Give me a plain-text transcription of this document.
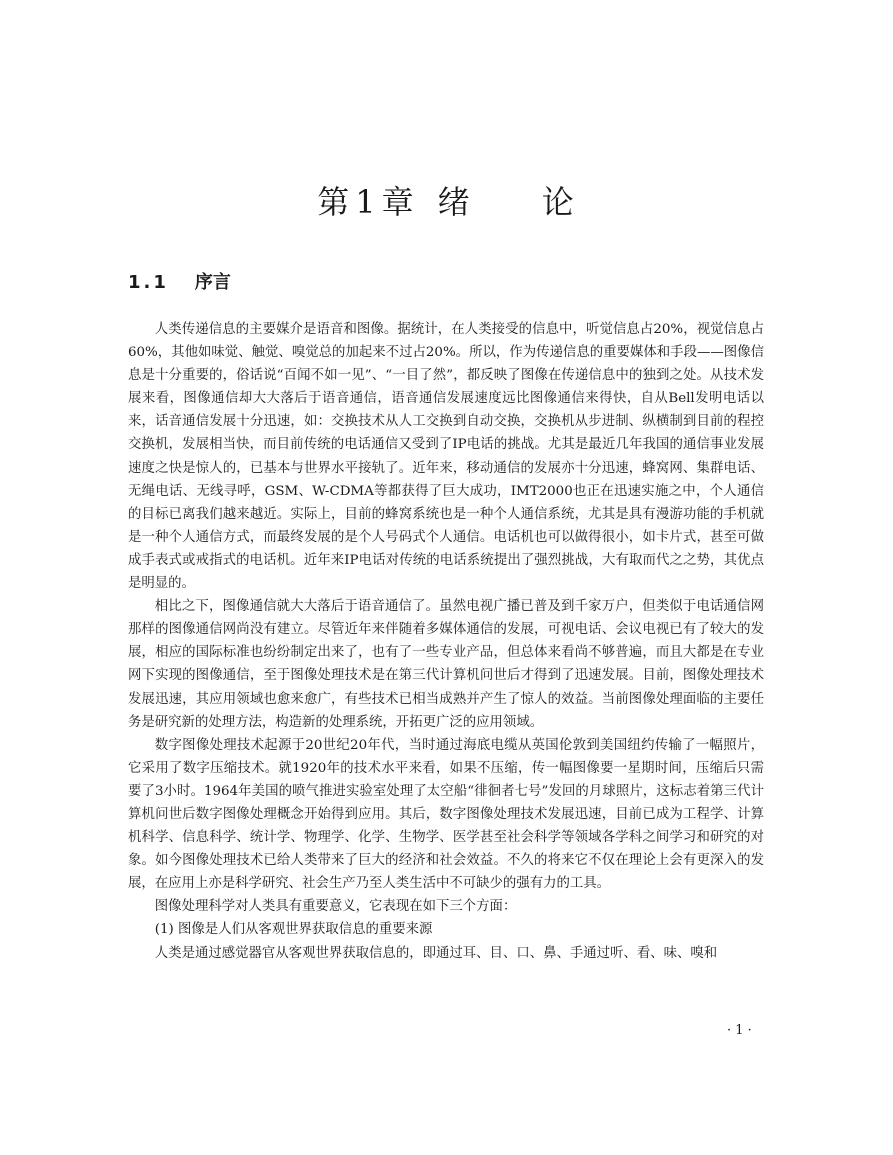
第 1 章 绪 论
1.1 序言

人类传递信息的主要媒介是语音和图像。据统计，在人类接受的信息中，听觉信息占20%，视觉信息占60%，其他如味觉、触觉、嗅觉总的加起来不过占20%。所以，作为传递信息的重要媒体和手段——图像信息是十分重要的，俗话说“百闻不如一见”、“一目了然”，都反映了图像在传递信息中的独到之处。从技术发展来看，图像通信却大大落后于语音通信，语音通信发展速度远比图像通信来得快，自从Bell发明电话以来，话音通信发展十分迅速，如：交换技术从人工交换到自动交换，交换机从步进制、纵横制到目前的程控交换机，发展相当快，而目前传统的电话通信又受到了IP电话的挑战。尤其是最近几年我国的通信事业发展速度之快是惊人的，已基本与世界水平接轨了。近年来，移动通信的发展亦十分迅速，蜂窝网、集群电话、无绳电话、无线寻呼，GSM、W-CDMA等都获得了巨大成功，IMT2000也正在迅速实施之中，个人通信的目标已离我们越来越近。实际上，目前的蜂窝系统也是一种个人通信系统，尤其是具有漫游功能的手机就是一种个人通信方式，而最终发展的是个人号码式个人通信。电话机也可以做得很小，如卡片式，甚至可做成手表式或戒指式的电话机。近年来IP电话对传统的电话系统提出了强烈挑战，大有取而代之之势，其优点是明显的。

相比之下，图像通信就大大落后于语音通信了。虽然电视广播已普及到千家万户，但类似于电话通信网那样的图像通信网尚没有建立。尽管近年来伴随着多媒体通信的发展，可视电话、会议电视已有了较大的发展，相应的国际标准也纷纷制定出来了，也有了一些专业产品，但总体来看尚不够普遍，而且大都是在专业网下实现的图像通信，至于图像处理技术是在第三代计算机问世后才得到了迅速发展。目前，图像处理技术发展迅速，其应用领域也愈来愈广，有些技术已相当成熟并产生了惊人的效益。当前图像处理面临的主要任务是研究新的处理方法，构造新的处理系统，开拓更广泛的应用领域。

数字图像处理技术起源于20世纪20年代，当时通过海底电缆从英国伦敦到美国纽约传输了一幅照片，它采用了数字压缩技术。就1920年的技术水平来看，如果不压缩，传一幅图像要一星期时间，压缩后只需要了3小时。1964年美国的喷气推进实验室处理了太空船“徘徊者七号”发回的月球照片，这标志着第三代计算机问世后数字图像处理概念开始得到应用。其后，数字图像处理技术发展迅速，目前已成为工程学、计算机科学、信息科学、统计学、物理学、化学、生物学、医学甚至社会科学等领域各学科之间学习和研究的对象。如今图像处理技术已给人类带来了巨大的经济和社会效益。不久的将来它不仅在理论上会有更深入的发展，在应用上亦是科学研究、社会生产乃至人类生活中不可缺少的强有力的工具。

图像处理科学对人类具有重要意义，它表现在如下三个方面：

(1) 图像是人们从客观世界获取信息的重要来源

人类是通过感觉器官从客观世界获取信息的，即通过耳、目、口、鼻、手通过听、看、味、嗅和

· 1 ·
